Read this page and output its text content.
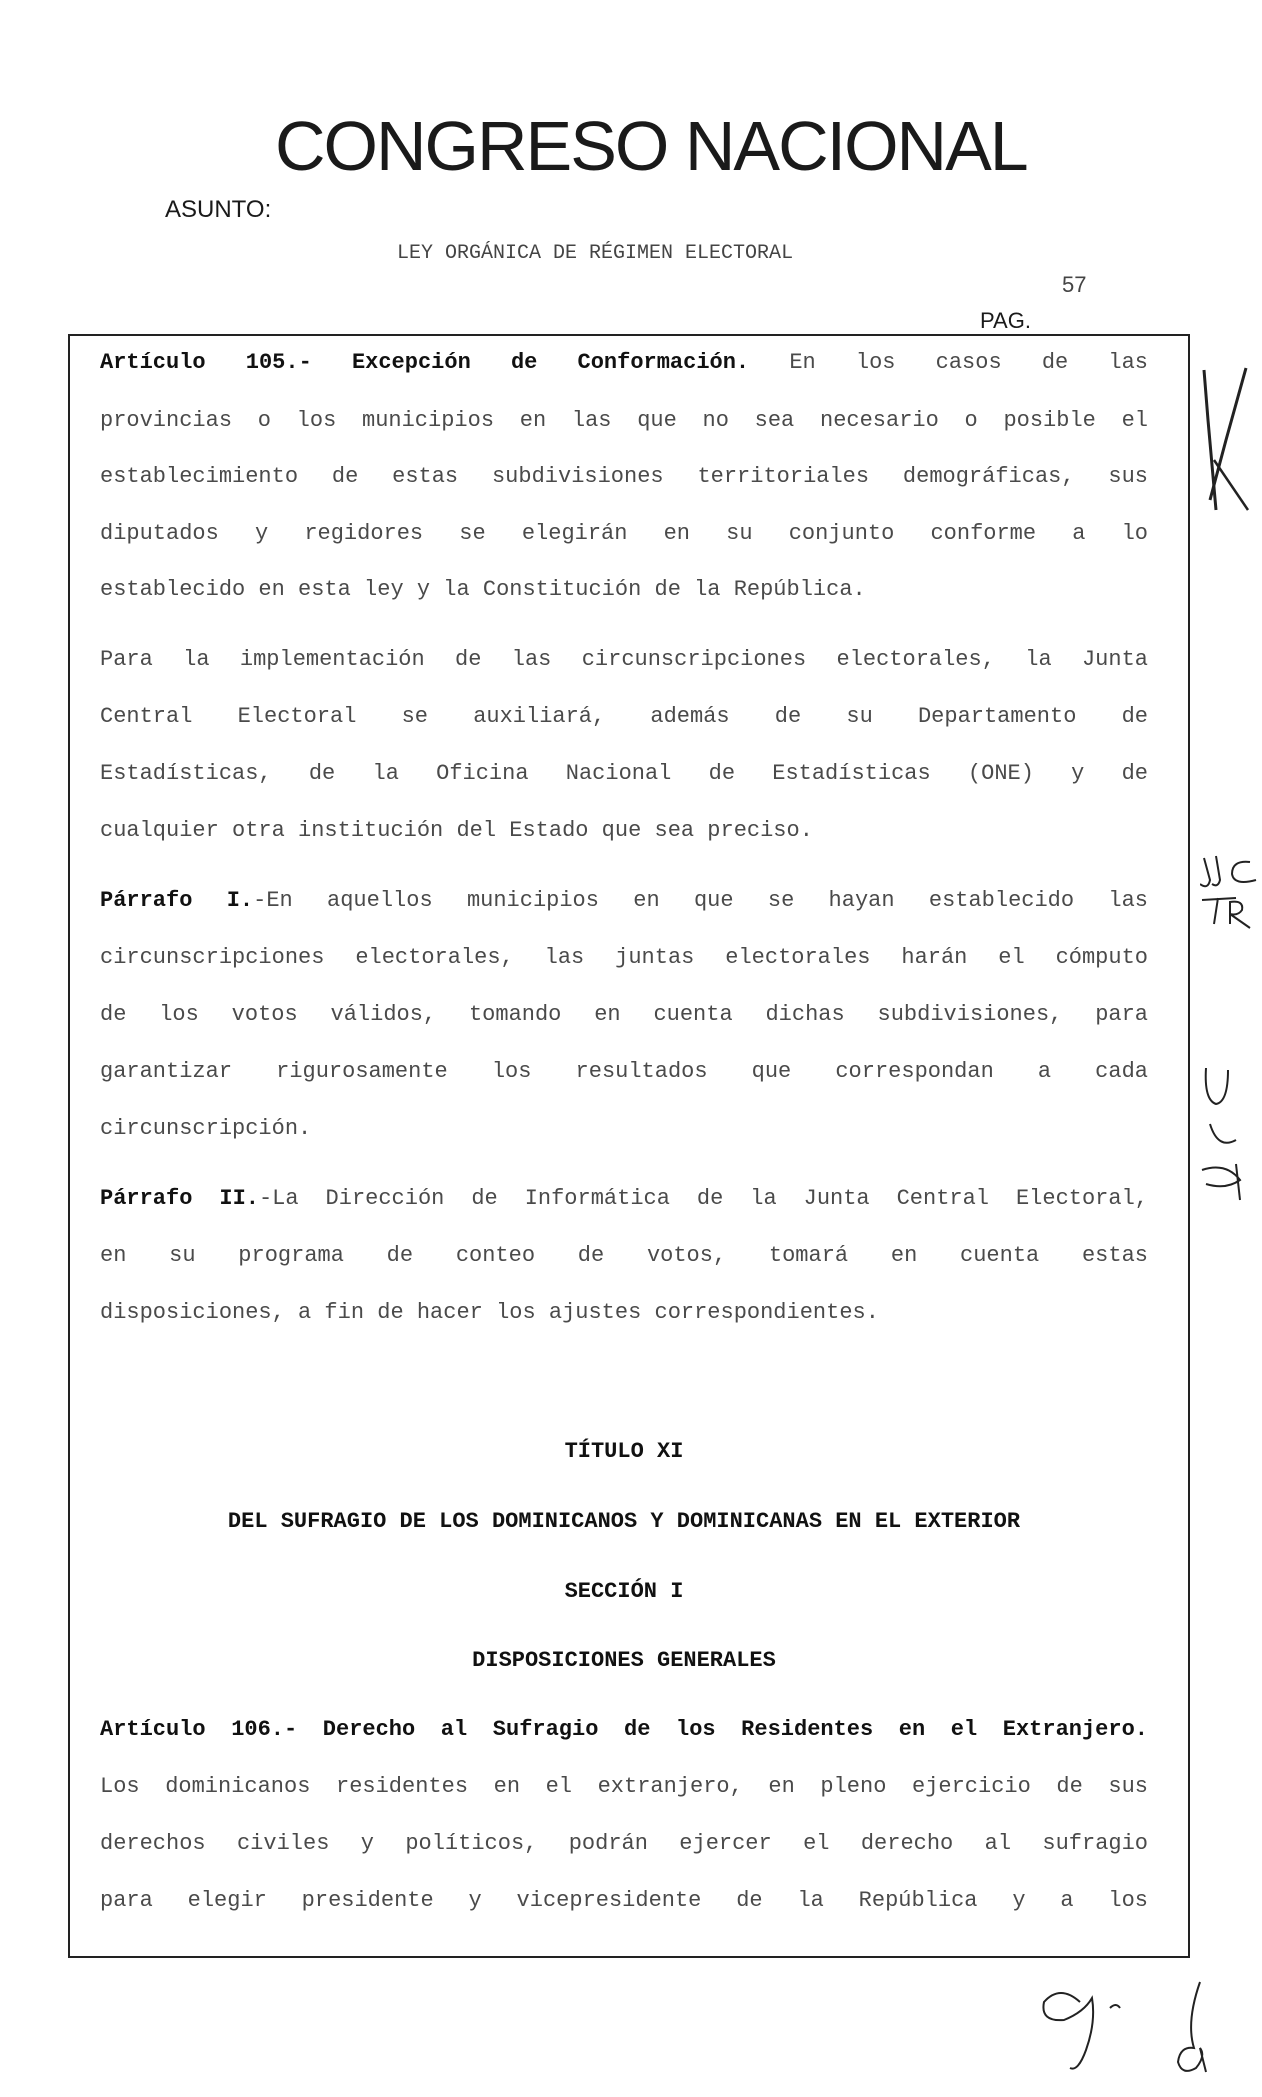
CONGRESO NACIONAL
ASUNTO:
LEY ORGÁNICA DE RÉGIMEN ELECTORAL
57
PAG.
Artículo 105.- Excepción de Conformación. En los casos de las
provincias o los municipios en las que no sea necesario o posible el
establecimiento de estas subdivisiones territoriales demográficas, sus
diputados y regidores se elegirán en su conjunto conforme a lo
establecido en esta ley y la Constitución de la República.
Para la implementación de las circunscripciones electorales, la Junta
Central Electoral se auxiliará, además de su Departamento de
Estadísticas, de la Oficina Nacional de Estadísticas (ONE) y de
cualquier otra institución del Estado que sea preciso.
Párrafo I.-En aquellos municipios en que se hayan establecido las
circunscripciones electorales, las juntas electorales harán el cómputo
de los votos válidos, tomando en cuenta dichas subdivisiones, para
garantizar rigurosamente los resultados que correspondan a cada
circunscripción.
Párrafo II.-La Dirección de Informática de la Junta Central Electoral,
en su programa de conteo de votos, tomará en cuenta estas
disposiciones, a fin de hacer los ajustes correspondientes.
TÍTULO XI
DEL SUFRAGIO DE LOS DOMINICANOS Y DOMINICANAS EN EL EXTERIOR
SECCIÓN I
DISPOSICIONES GENERALES
Artículo 106.- Derecho al Sufragio de los Residentes en el Extranjero.
Los dominicanos residentes en el extranjero, en pleno ejercicio de sus
derechos civiles y políticos, podrán ejercer el derecho al sufragio
para elegir presidente y vicepresidente de la República y a los
